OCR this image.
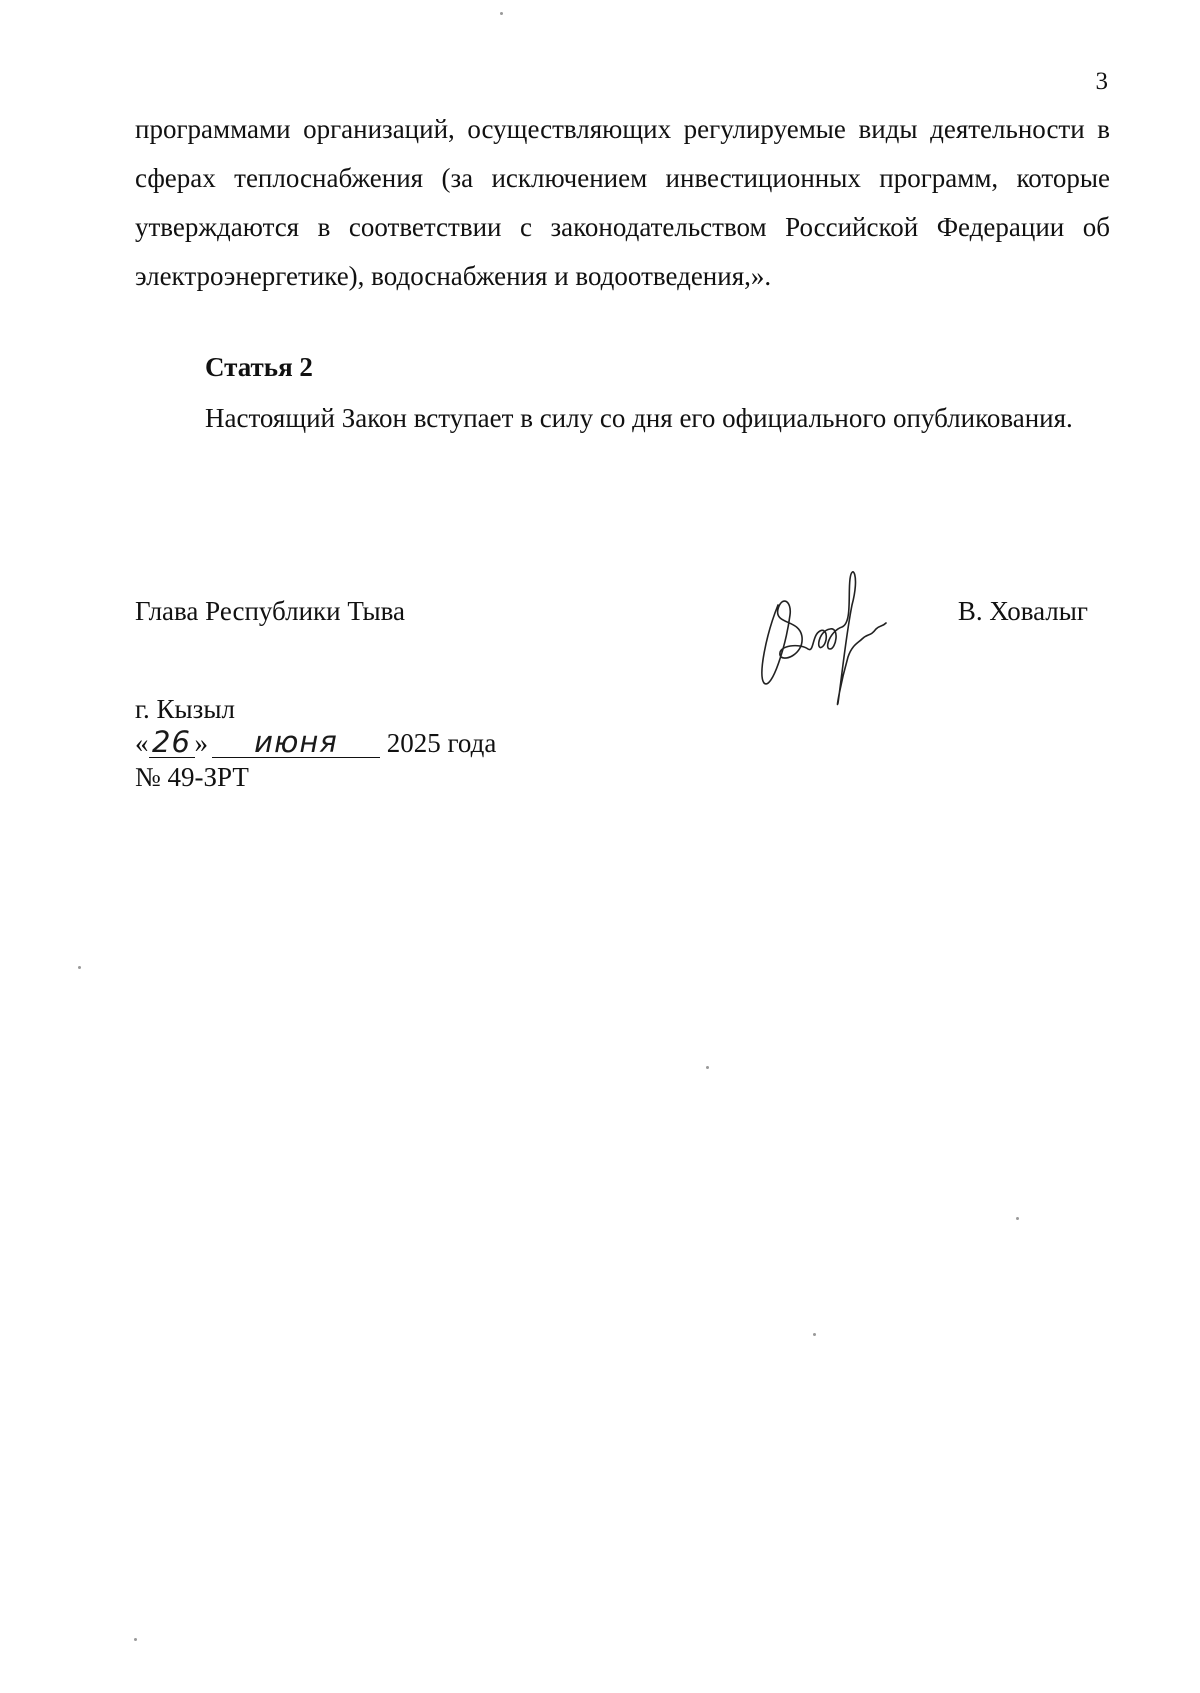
3

программами организаций, осуществляющих регулируемые виды деятельности в сферах теплоснабжения (за исключением инвестиционных программ, которые утверждаются в соответствии с законодательством Российской Федерации об электроэнергетике), водоснабжения и водоотведения,».

Статья 2

Настоящий Закон вступает в силу со дня его официального опубликования.

Глава Республики Тыва	В. Ховалыг
г. Кызыл
« 26 » июня 2025 года
№ 49-ЗРТ
